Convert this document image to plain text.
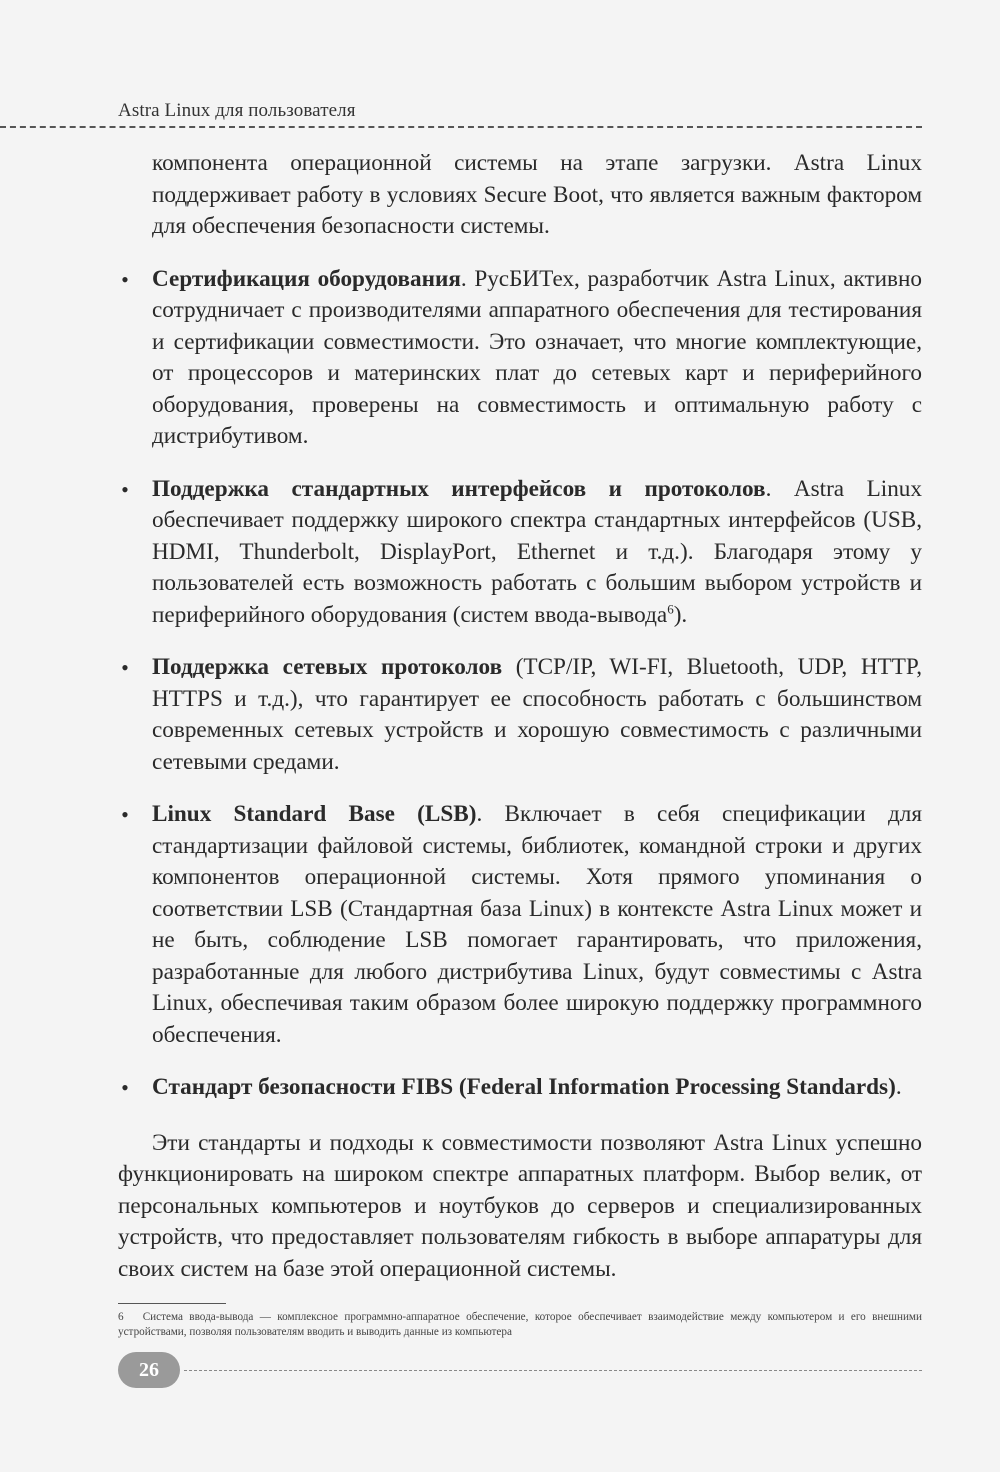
Astra Linux для пользователя

компонента операционной системы на этапе загрузки. Astra Linux поддерживает работу в условиях Secure Boot, что является важным фактором для обеспечения безопасности системы.

• Сертификация оборудования. РусБИТех, разработчик Astra Linux, активно сотрудничает с производителями аппаратного обеспечения для тестирования и сертификации совместимости. Это означает, что многие комплектующие, от процессоров и материнских плат до сетевых карт и периферийного оборудования, проверены на совместимость и оптимальную работу с дистрибутивом.
• Поддержка стандартных интерфейсов и протоколов. Astra Linux обеспечивает поддержку широкого спектра стандартных интерфейсов (USB, HDMI, Thunderbolt, DisplayPort, Ethernet и т.д.). Благодаря этому у пользователей есть возможность работать с большим выбором устройств и периферийного оборудования (систем ввода-вывода$^6$).
• Поддержка сетевых протоколов (TCP/IP, WI-FI, Bluetooth, UDP, HTTP, HTTPS и т.д.), что гарантирует ее способность работать с большинством современных сетевых устройств и хорошую совместимость с различными сетевыми средами.
• Linux Standard Base (LSB). Включает в себя спецификации для стандартизации файловой системы, библиотек, командной строки и других компонентов операционной системы. Хотя прямого упоминания о соответствии LSB (Стандартная база Linux) в контексте Astra Linux может и не быть, соблюдение LSB помогает гарантировать, что приложения, разработанные для любого дистрибутива Linux, будут совместимы с Astra Linux, обеспечивая таким образом более широкую поддержку программного обеспечения.
• Стандарт безопасности FIBS (Federal Information Processing Standards).

Эти стандарты и подходы к совместимости позволяют Astra Linux успешно функционировать на широком спектре аппаратных платформ. Выбор велик, от персональных компьютеров и ноутбуков до серверов и специализированных устройств, что предоставляет пользователям гибкость в выборе аппаратуры для своих систем на базе этой операционной системы.

6 Система ввода-вывода — комплексное программно-аппаратное обеспечение, которое обеспечивает взаимодействие между компьютером и его внешними устройствами, позволяя пользователям вводить и выводить данные из компьютера
26
